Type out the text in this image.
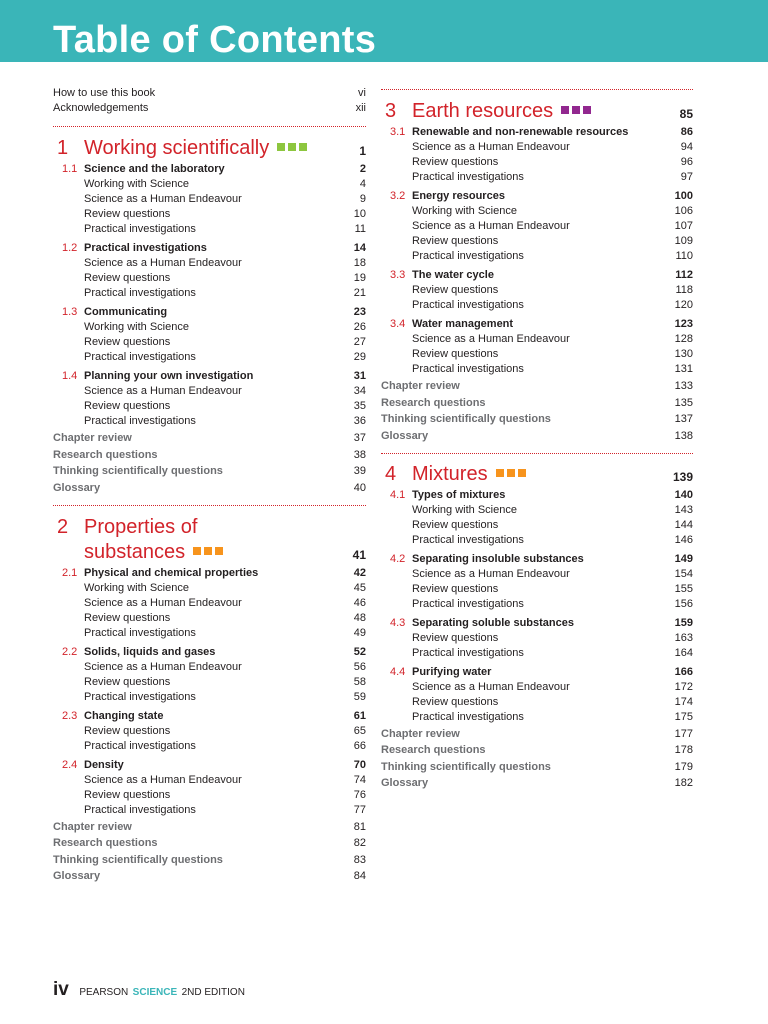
Table of Contents
How to use this book	vi
Acknowledgements	xii
1 Working scientifically	1
1.1 Science and the laboratory	2
Working with Science	4
Science as a Human Endeavour	9
Review questions	10
Practical investigations	11
1.2 Practical investigations	14
Science as a Human Endeavour	18
Review questions	19
Practical investigations	21
1.3 Communicating	23
Working with Science	26
Review questions	27
Practical investigations	29
1.4 Planning your own investigation	31
Science as a Human Endeavour	34
Review questions	35
Practical investigations	36
Chapter review	37
Research questions	38
Thinking scientifically questions	39
Glossary	40
2 Properties of
substances	41
2.1 Physical and chemical properties	42
Working with Science	45
Science as a Human Endeavour	46
Review questions	48
Practical investigations	49
2.2 Solids, liquids and gases	52
Science as a Human Endeavour	56
Review questions	58
Practical investigations	59
2.3 Changing state	61
Review questions	65
Practical investigations	66
2.4 Density	70
Science as a Human Endeavour	74
Review questions	76
Practical investigations	77
Chapter review	81
Research questions	82
Thinking scientifically questions	83
Glossary	84
3 Earth resources	85
3.1 Renewable and non-renewable resources	86
Science as a Human Endeavour	94
Review questions	96
Practical investigations	97
3.2 Energy resources	100
Working with Science	106
Science as a Human Endeavour	107
Review questions	109
Practical investigations	110
3.3 The water cycle	112
Review questions	118
Practical investigations	120
3.4 Water management	123
Science as a Human Endeavour	128
Review questions	130
Practical investigations	131
Chapter review	133
Research questions	135
Thinking scientifically questions	137
Glossary	138
4 Mixtures	139
4.1 Types of mixtures	140
Working with Science	143
Review questions	144
Practical investigations	146
4.2 Separating insoluble substances	149
Science as a Human Endeavour	154
Review questions	155
Practical investigations	156
4.3 Separating soluble substances	159
Review questions	163
Practical investigations	164
4.4 Purifying water	166
Science as a Human Endeavour	172
Review questions	174
Practical investigations	175
Chapter review	177
Research questions	178
Thinking scientifically questions	179
Glossary	182
iv PEARSON SCIENCE 2ND EDITION
